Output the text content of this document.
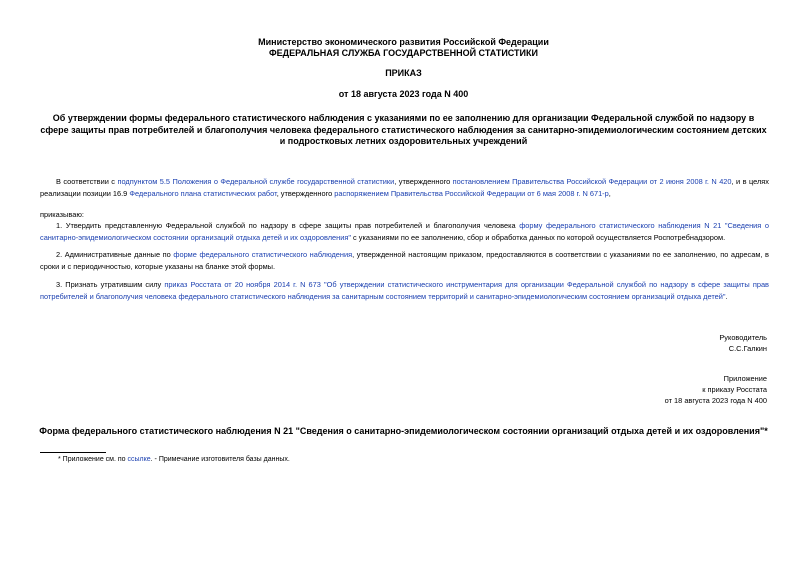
Министерство экономического развития Российской Федерации
ФЕДЕРАЛЬНАЯ СЛУЖБА ГОСУДАРСТВЕННОЙ СТАТИСТИКИ
ПРИКАЗ
от 18 августа 2023 года N 400
Об утверждении формы федерального статистического наблюдения с указаниями по ее заполнению для организации Федеральной службой по надзору в сфере защиты прав потребителей и благополучия человека федерального статистического наблюдения за санитарно-эпидемиологическим состоянием детских и подростковых летних оздоровительных учреждений
В соответствии с подпунктом 5.5 Положения о Федеральной службе государственной статистики, утвержденного постановлением Правительства Российской Федерации от 2 июня 2008 г. N 420, и в целях реализации позиции 16.9 Федерального плана статистических работ, утвержденного распоряжением Правительства Российской Федерации от 6 мая 2008 г. N 671-р,
приказываю:
1. Утвердить представленную Федеральной службой по надзору в сфере защиты прав потребителей и благополучия человека форму федерального статистического наблюдения N 21 "Сведения о санитарно-эпидемиологическом состоянии организаций отдыха детей и их оздоровления" с указаниями по ее заполнению, сбор и обработка данных по которой осуществляется Роспотребнадзором.
2. Административные данные по форме федерального статистического наблюдения, утвержденной настоящим приказом, предоставляются в соответствии с указаниями по ее заполнению, по адресам, в сроки и с периодичностью, которые указаны на бланке этой формы.
3. Признать утратившим силу приказ Росстата от 20 ноября 2014 г. N 673 "Об утверждении статистического инструментария для организации Федеральной службой по надзору в сфере защиты прав потребителей и благополучия человека федерального статистического наблюдения за санитарным состоянием территорий и санитарно-эпидемиологическим состоянием организаций отдыха детей".
Руководитель
С.С.Галкин
Приложение
к приказу Росстата
от 18 августа 2023 года N 400
Форма федерального статистического наблюдения N 21 "Сведения о санитарно-эпидемиологическом состоянии организаций отдыха детей и их оздоровления"*
* Приложение см. по ссылке. - Примечание изготовителя базы данных.
